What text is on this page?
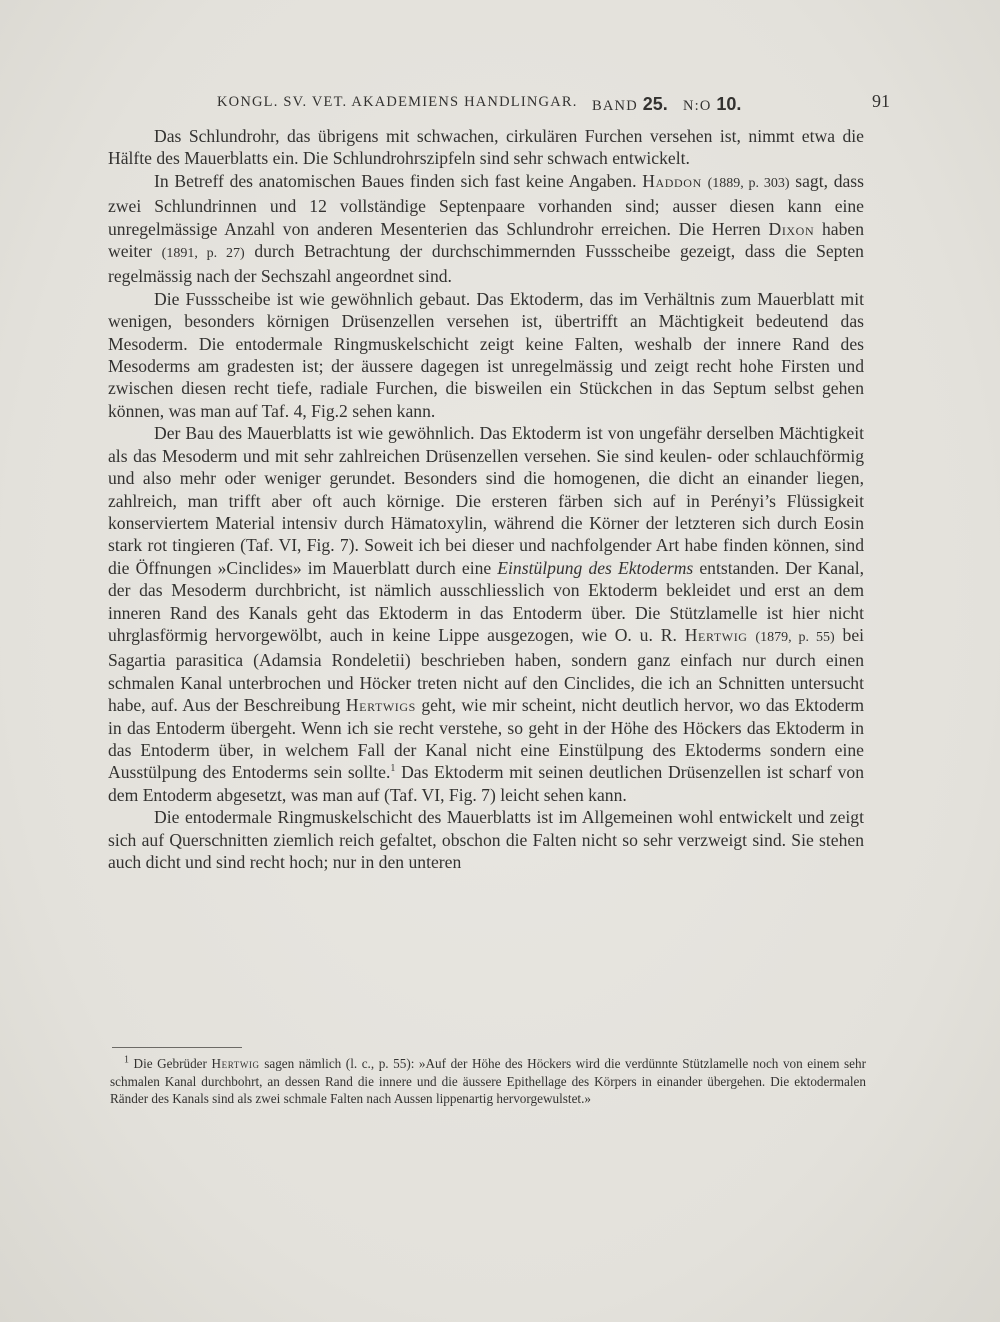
KONGL. SV. VET. AKADEMIENS HANDLINGAR. BAND 25. N:O 10.	91

Das Schlundrohr, das übrigens mit schwachen, cirkulären Furchen versehen ist, nimmt etwa die Hälfte des Mauerblatts ein. Die Schlundrohrszipfeln sind sehr schwach entwickelt.

In Betreff des anatomischen Baues finden sich fast keine Angaben. Haddon (1889, p. 303) sagt, dass zwei Schlundrinnen und 12 vollständige Septenpaare vorhanden sind; ausser diesen kann eine unregelmässige Anzahl von anderen Mesenterien das Schlundrohr erreichen. Die Herren Dixon haben weiter (1891, p. 27) durch Betrachtung der durchschimmernden Fussscheibe gezeigt, dass die Septen regelmässig nach der Sechszahl angeordnet sind.

Die Fussscheibe ist wie gewöhnlich gebaut. Das Ektoderm, das im Verhältnis zum Mauerblatt mit wenigen, besonders körnigen Drüsenzellen versehen ist, übertrifft an Mächtigkeit bedeutend das Mesoderm. Die entodermale Ringmuskelschicht zeigt keine Falten, weshalb der innere Rand des Mesoderms am gradesten ist; der äussere dagegen ist unregelmässig und zeigt recht hohe Firsten und zwischen diesen recht tiefe, radiale Furchen, die bisweilen ein Stückchen in das Septum selbst gehen können, was man auf Taf. 4, Fig.2 sehen kann.

Der Bau des Mauerblatts ist wie gewöhnlich. Das Ektoderm ist von ungefähr derselben Mächtigkeit als das Mesoderm und mit sehr zahlreichen Drüsenzellen versehen. Sie sind keulen- oder schlauchförmig und also mehr oder weniger gerundet. Besonders sind die homogenen, die dicht an einander liegen, zahlreich, man trifft aber oft auch körnige. Die ersteren färben sich auf in Perényi’s Flüssigkeit konserviertem Material intensiv durch Hämatoxylin, während die Körner der letzteren sich durch Eosin stark rot tingieren (Taf. VI, Fig. 7). Soweit ich bei dieser und nachfolgender Art habe finden können, sind die Öffnungen »Cinclides» im Mauerblatt durch eine Einstülpung des Ektoderms entstanden. Der Kanal, der das Mesoderm durchbricht, ist nämlich ausschliesslich von Ektoderm bekleidet und erst an dem inneren Rand des Kanals geht das Ektoderm in das Entoderm über. Die Stützlamelle ist hier nicht uhrglasförmig hervorgewölbt, auch in keine Lippe ausgezogen, wie O. u. R. Hertwig (1879, p. 55) bei Sagartia parasitica (Adamsia Rondeletii) beschrieben haben, sondern ganz einfach nur durch einen schmalen Kanal unterbrochen und Höcker treten nicht auf den Cinclides, die ich an Schnitten untersucht habe, auf. Aus der Beschreibung Hertwigs geht, wie mir scheint, nicht deutlich hervor, wo das Ektoderm in das Entoderm übergeht. Wenn ich sie recht verstehe, so geht in der Höhe des Höckers das Ektoderm in das Entoderm über, in welchem Fall der Kanal nicht eine Einstülpung des Ektoderms sondern eine Ausstülpung des Entoderms sein sollte.$^1$ Das Ektoderm mit seinen deutlichen Drüsenzellen ist scharf von dem Entoderm abgesetzt, was man auf (Taf. VI, Fig. 7) leicht sehen kann.

Die entodermale Ringmuskelschicht des Mauerblatts ist im Allgemeinen wohl entwickelt und zeigt sich auf Querschnitten ziemlich reich gefaltet, obschon die Falten nicht so sehr verzweigt sind. Sie stehen auch dicht und sind recht hoch; nur in den unteren

$^1$ Die Gebrüder Hertwig sagen nämlich (l. c., p. 55): »Auf der Höhe des Höckers wird die verdünnte Stützlamelle noch von einem sehr schmalen Kanal durchbohrt, an dessen Rand die innere und die äussere Epithellage des Körpers in einander übergehen. Die ektodermalen Ränder des Kanals sind als zwei schmale Falten nach Aussen lippenartig hervorgewulstet.»
